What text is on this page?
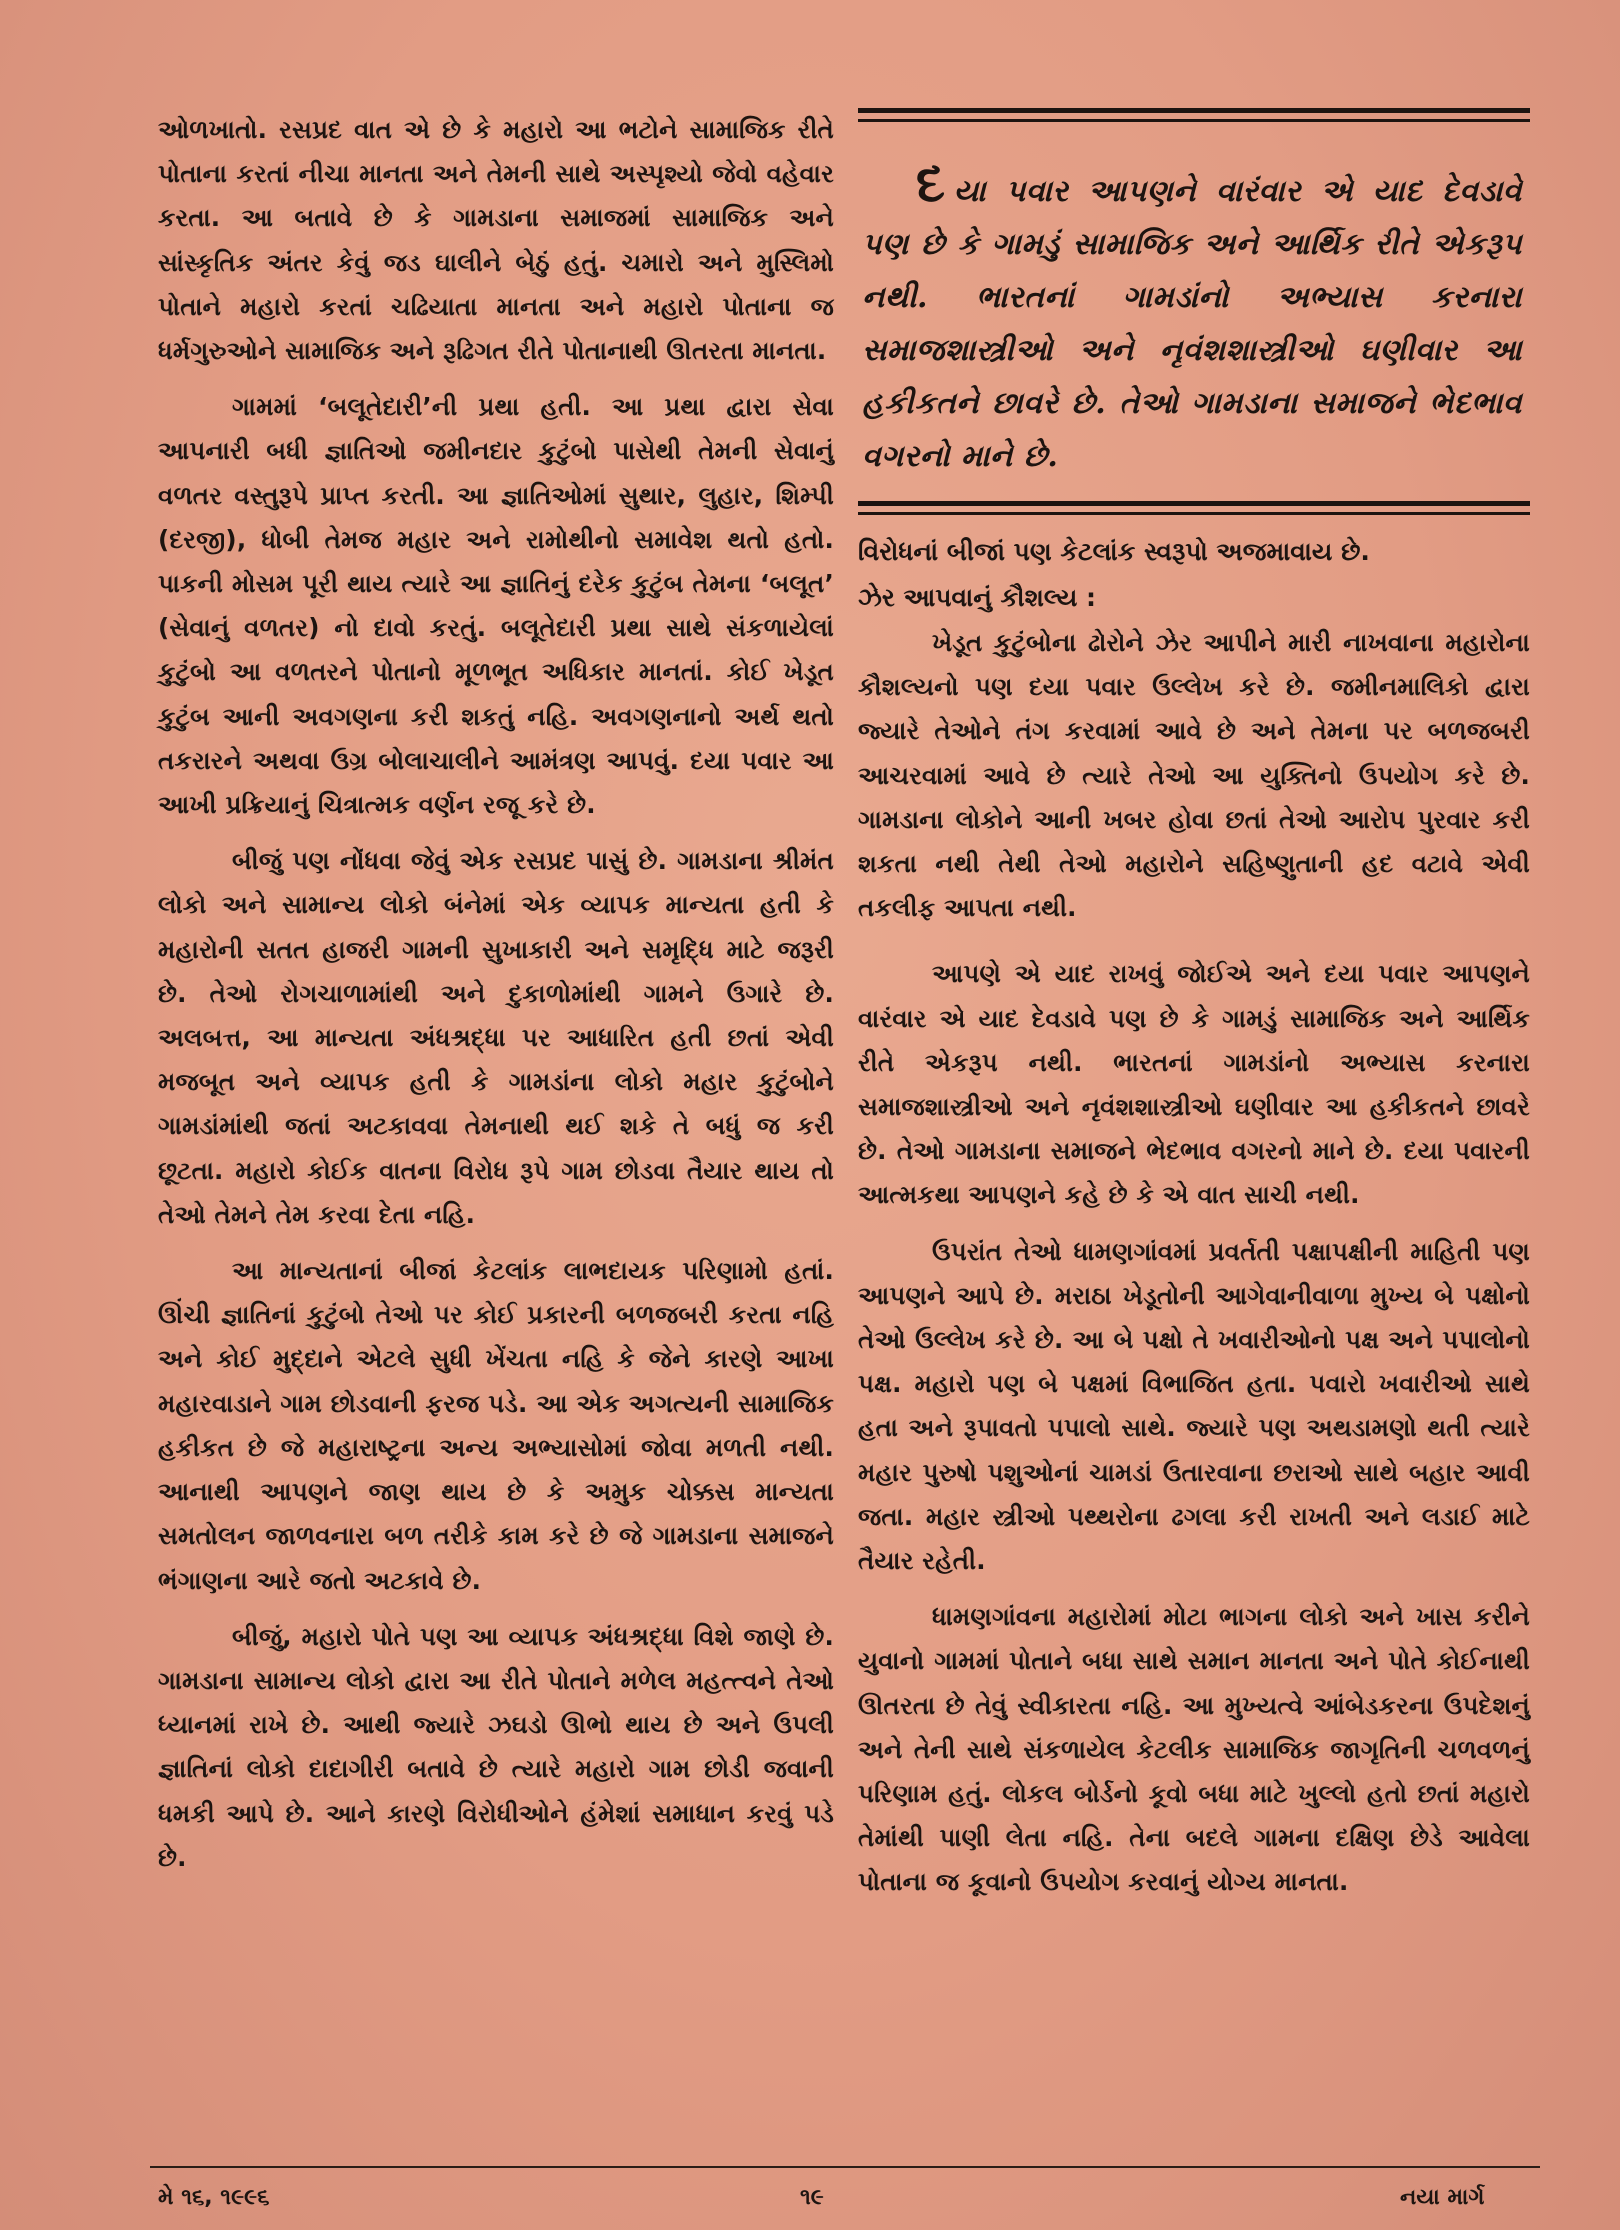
ઓળખાતો. રસપ્રદ વાત એ છે કે મહારો આ ભટોને સામાજિક રીતે પોતાના કરતાં નીચા માનતા અને તેમની સાથે અસ્પૃશ્યો જેવો વહેવાર કરતા. આ બતાવે છે કે ગામડાના સમાજમાં સામાજિક અને સાંસ્કૃતિક અંતર કેવું જડ ઘાલીને બેઠું હતું. ચમારો અને મુસ્લિમો પોતાને મહારો કરતાં ચઢિયાતા માનતા અને મહારો પોતાના જ ધર્મગુરુઓને સામાજિક અને રૂઢિગત રીતે પોતાનાથી ઊતરતા માનતા.

ગામમાં ‘બલૂતેદારી’ની પ્રથા હતી. આ પ્રથા દ્વારા સેવા આપનારી બધી જ્ઞાતિઓ જમીનદાર કુટુંબો પાસેથી તેમની સેવાનું વળતર વસ્તુરૂપે પ્રાપ્ત કરતી. આ જ્ઞાતિઓમાં સુથાર, લુહાર, શિમ્પી (દરજી), ધોબી તેમજ મહાર અને રામોથીનો સમાવેશ થતો હતો. પાકની મોસમ પૂરી થાય ત્યારે આ જ્ઞાતિનું દરેક કુટુંબ તેમના ‘બલૂત’ (સેવાનું વળતર) નો દાવો કરતું. બલૂતેદારી પ્રથા સાથે સંકળાયેલાં કુટુંબો આ વળતરને પોતાનો મૂળભૂત અધિકાર માનતાં. કોઈ ખેડૂત કુટુંબ આની અવગણના કરી શકતું નહિ. અવગણનાનો અર્થ થતો તકરારને અથવા ઉગ્ર બોલાચાલીને આમંત્રણ આપવું. દયા પવાર આ આખી પ્રક્રિયાનું ચિત્રાત્મક વર્ણન રજૂ કરે છે.

બીજું પણ નોંધવા જેવું એક રસપ્રદ પાસું છે. ગામડાના શ્રીમંત લોકો અને સામાન્ય લોકો બંનેમાં એક વ્યાપક માન્યતા હતી કે મહારોની સતત હાજરી ગામની સુખાકારી અને સમૃદ્ધિ માટે જરૂરી છે. તેઓ રોગચાળામાંથી અને દુકાળોમાંથી ગામને ઉગારે છે. અલબત્ત, આ માન્યતા અંધશ્રદ્ધા પર આધારિત હતી છતાં એવી મજબૂત અને વ્યાપક હતી કે ગામડાંના લોકો મહાર કુટુંબોને ગામડાંમાંથી જતાં અટકાવવા તેમનાથી થઈ શકે તે બધું જ કરી છૂટતા. મહારો કોઈક વાતના વિરોધ રૂપે ગામ છોડવા તૈયાર થાય તો તેઓ તેમને તેમ કરવા દેતા નહિ.

આ માન્યતાનાં બીજાં કેટલાંક લાભદાયક પરિણામો હતાં. ઊંચી જ્ઞાતિનાં કુટુંબો તેઓ પર કોઈ પ્રકારની બળજબરી કરતા નહિ અને કોઈ મુદ્દાને એટલે સુધી ખેંચતા નહિ કે જેને કારણે આખા મહારવાડાને ગામ છોડવાની ફરજ પડે. આ એક અગત્યની સામાજિક હકીકત છે જે મહારાષ્ટ્રના અન્ય અભ્યાસોમાં જોવા મળતી નથી. આનાથી આપણને જાણ થાય છે કે અમુક ચોક્કસ માન્યતા સમતોલન જાળવનારા બળ તરીકે કામ કરે છે જે ગામડાના સમાજને ભંગાણના આરે જતો અટકાવે છે.

બીજું, મહારો પોતે પણ આ વ્યાપક અંધશ્રદ્ધા વિશે જાણે છે. ગામડાના સામાન્ય લોકો દ્વારા આ રીતે પોતાને મળેલ મહત્ત્વને તેઓ ધ્યાનમાં રાખે છે. આથી જ્યારે ઝઘડો ઊભો થાય છે અને ઉપલી જ્ઞાતિનાં લોકો દાદાગીરી બતાવે છે ત્યારે મહારો ગામ છોડી જવાની ધમકી આપે છે. આને કારણે વિરોધીઓને હંમેશાં સમાધાન કરવું પડે છે.

દયા પવાર આપણને વારંવાર એ યાદ દેવડાવે પણ છે કે ગામડું સામાજિક અને આર્થિક રીતે એકરૂપ નથી. ભારતનાં ગામડાંનો અભ્યાસ કરનારા સમાજશાસ્ત્રીઓ અને નૃવંશશાસ્ત્રીઓ ઘણીવાર આ હકીકતને છાવરે છે. તેઓ ગામડાના સમાજને ભેદભાવ વગરનો માને છે.

વિરોધનાં બીજાં પણ કેટલાંક સ્વરૂપો અજમાવાય છે.

ઝેર આપવાનું કૌશલ્ય :

ખેડૂત કુટુંબોના ઢોરોને ઝેર આપીને મારી નાખવાના મહારોના કૌશલ્યનો પણ દયા પવાર ઉલ્લેખ કરે છે. જમીનમાલિકો દ્વારા જ્યારે તેઓને તંગ કરવામાં આવે છે અને તેમના પર બળજબરી આચરવામાં આવે છે ત્યારે તેઓ આ યુક્તિનો ઉપયોગ કરે છે. ગામડાના લોકોને આની ખબર હોવા છતાં તેઓ આરોપ પુરવાર કરી શકતા નથી તેથી તેઓ મહારોને સહિષ્ણુતાની હદ વટાવે એવી તકલીફ આપતા નથી.

આપણે એ યાદ રાખવું જોઈએ અને દયા પવાર આપણને વારંવાર એ યાદ દેવડાવે પણ છે કે ગામડું સામાજિક અને આર્થિક રીતે એકરૂપ નથી. ભારતનાં ગામડાંનો અભ્યાસ કરનારા સમાજશાસ્ત્રીઓ અને નૃવંશશાસ્ત્રીઓ ઘણીવાર આ હકીકતને છાવરે છે. તેઓ ગામડાના સમાજને ભેદભાવ વગરનો માને છે. દયા પવારની આત્મકથા આપણને કહે છે કે એ વાત સાચી નથી.

ઉપરાંત તેઓ ધામણગાંવમાં પ્રવર્તતી પક્ષાપક્ષીની માહિતી પણ આપણને આપે છે. મરાઠા ખેડૂતોની આગેવાનીવાળા મુખ્ય બે પક્ષોનો તેઓ ઉલ્લેખ કરે છે. આ બે પક્ષો તે ખવારીઓનો પક્ષ અને પપાલોનો પક્ષ. મહારો પણ બે પક્ષમાં વિભાજિત હતા. પવારો ખવારીઓ સાથે હતા અને રૂપાવતો પપાલો સાથે. જ્યારે પણ અથડામણો થતી ત્યારે મહાર પુરુષો પશુઓનાં ચામડાં ઉતારવાના છરાઓ સાથે બહાર આવી જતા. મહાર સ્ત્રીઓ પથ્થરોના ઢગલા કરી રાખતી અને લડાઈ માટે તૈયાર રહેતી.

ધામણગાંવના મહારોમાં મોટા ભાગના લોકો અને ખાસ કરીને યુવાનો ગામમાં પોતાને બધા સાથે સમાન માનતા અને પોતે કોઈનાથી ઊતરતા છે તેવું સ્વીકારતા નહિ. આ મુખ્યત્વે આંબેડકરના ઉપદેશનું અને તેની સાથે સંકળાયેલ કેટલીક સામાજિક જાગૃતિની ચળવળનું પરિણામ હતું. લોકલ બોર્ડનો કૂવો બધા માટે ખુલ્લો હતો છતાં મહારો તેમાંથી પાણી લેતા નહિ. તેના બદલે ગામના દક્ષિણ છેડે આવેલા પોતાના જ કૂવાનો ઉપયોગ કરવાનું યોગ્ય માનતા.

મે ૧૬, ૧૯૯૬	૧૯	નયા માર્ગ
